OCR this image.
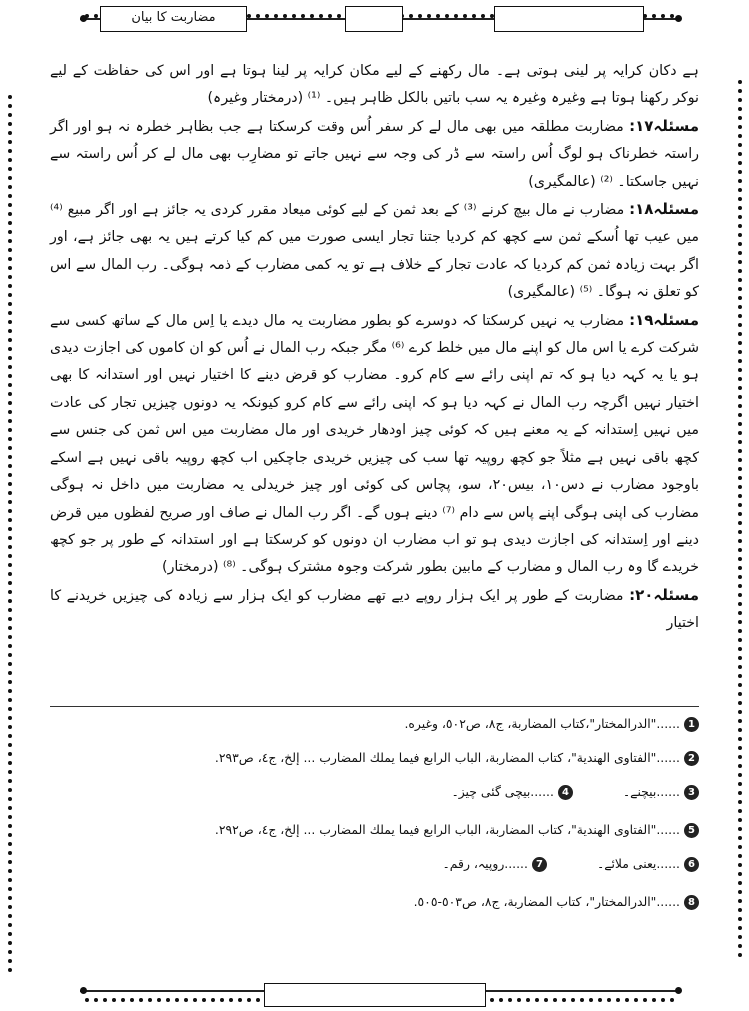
مضاربت کا بیان

ہے دکان کرایہ پر لینی ہوتی ہے۔ مال رکھنے کے لیے مکان کرایہ پر لینا ہوتا ہے اور اس کی حفاظت کے لیے نوکر رکھنا ہوتا ہے وغیرہ وغیرہ یہ سب باتیں بالکل ظاہر ہیں۔ ⁽¹⁾ (درمختار وغیرہ)

مسئلہ۱۷: مضاربت مطلقہ میں بھی مال لے کر سفر اُس وقت کرسکتا ہے جب بظاہر خطرہ نہ ہو اور اگر راستہ خطرناک ہو لوگ اُس راستہ سے ڈر کی وجہ سے نہیں جاتے تو مضارِب بھی مال لے کر اُس راستہ سے نہیں جاسکتا۔ ⁽²⁾ (عالمگیری)

مسئلہ۱۸: مضارب نے مال بیچ کرنے ⁽³⁾ کے بعد ثمن کے لیے کوئی میعاد مقرر کردی یہ جائز ہے اور اگر مبیع ⁽⁴⁾ میں عیب تھا اُسکے ثمن سے کچھ کم کردیا جتنا تجار ایسی صورت میں کم کیا کرتے ہیں یہ بھی جائز ہے، اور اگر بہت زیادہ ثمن کم کردیا کہ عادت تجار کے خلاف ہے تو یہ کمی مضارب کے ذمہ ہوگی۔ رب المال سے اس کو تعلق نہ ہوگا۔ ⁽⁵⁾ (عالمگیری)

مسئلہ۱۹: مضارب یہ نہیں کرسکتا کہ دوسرے کو بطور مضاربت یہ مال دیدے یا اِس مال کے ساتھ کسی سے شرکت کرے یا اس مال کو اپنے مال میں خلط کرے ⁽⁶⁾ مگر جبکہ رب المال نے اُس کو ان کاموں کی اجازت دیدی ہو یا یہ کہہ دیا ہو کہ تم اپنی رائے سے کام کرو۔ مضارب کو قرض دینے کا اختیار نہیں اور استدانہ کا بھی اختیار نہیں اگرچہ رب المال نے کہہ دیا ہو کہ اپنی رائے سے کام کرو کیونکہ یہ دونوں چیزیں تجار کی عادت میں نہیں اِستدانہ کے یہ معنے ہیں کہ کوئی چیز اودھار خریدی اور مال مضاربت میں اس ثمن کی جنس سے کچھ باقی نہیں ہے مثلاً جو کچھ روپیہ تھا سب کی چیزیں خریدی جاچکیں اب کچھ روپیہ باقی نہیں ہے اسکے باوجود مضارب نے دس۱۰، بیس۲۰، سو، پچاس کی کوئی اور چیز خریدلی یہ مضاربت میں داخل نہ ہوگی مضارب کی اپنی ہوگی اپنے پاس سے دام ⁽⁷⁾ دینے ہوں گے۔ اگر رب المال نے صاف اور صریح لفظوں میں قرض دینے اور اِستدانہ کی اجازت دیدی ہو تو اب مضارب ان دونوں کو کرسکتا ہے اور استدانہ کے طور پر جو کچھ خریدے گا وہ رب المال و مضارب کے مابین بطور شرکت وجوہ مشترک ہوگی۔ ⁽⁸⁾ (درمختار)

مسئلہ۲۰: مضاربت کے طور پر ایک ہزار روپے دیے تھے مضارب کو ایک ہزار سے زیادہ کی چیزیں خریدنے کا اختیار

1
......"الدرالمختار"،كتاب المضاربة، ج٨، ص٥٠٢، وغيره.
2
......"الفتاوى الهندية"، كتاب المضاربة، الباب الرابع فيما يملك المضارب ... إلخ، ج٤، ص٢٩٣.
3
......بیچنے۔
4
......بیچی گئی چیز۔
5
......"الفتاوى الهندية"، كتاب المضاربة، الباب الرابع فيما يملك المضارب ... إلخ، ج٤، ص٢٩٢.
6
......یعنی ملائے۔
7
......روپیہ، رقم۔
8
......"الدرالمختار"، كتاب المضاربة، ج٨، ص٥٠٣-٥٠٥.
